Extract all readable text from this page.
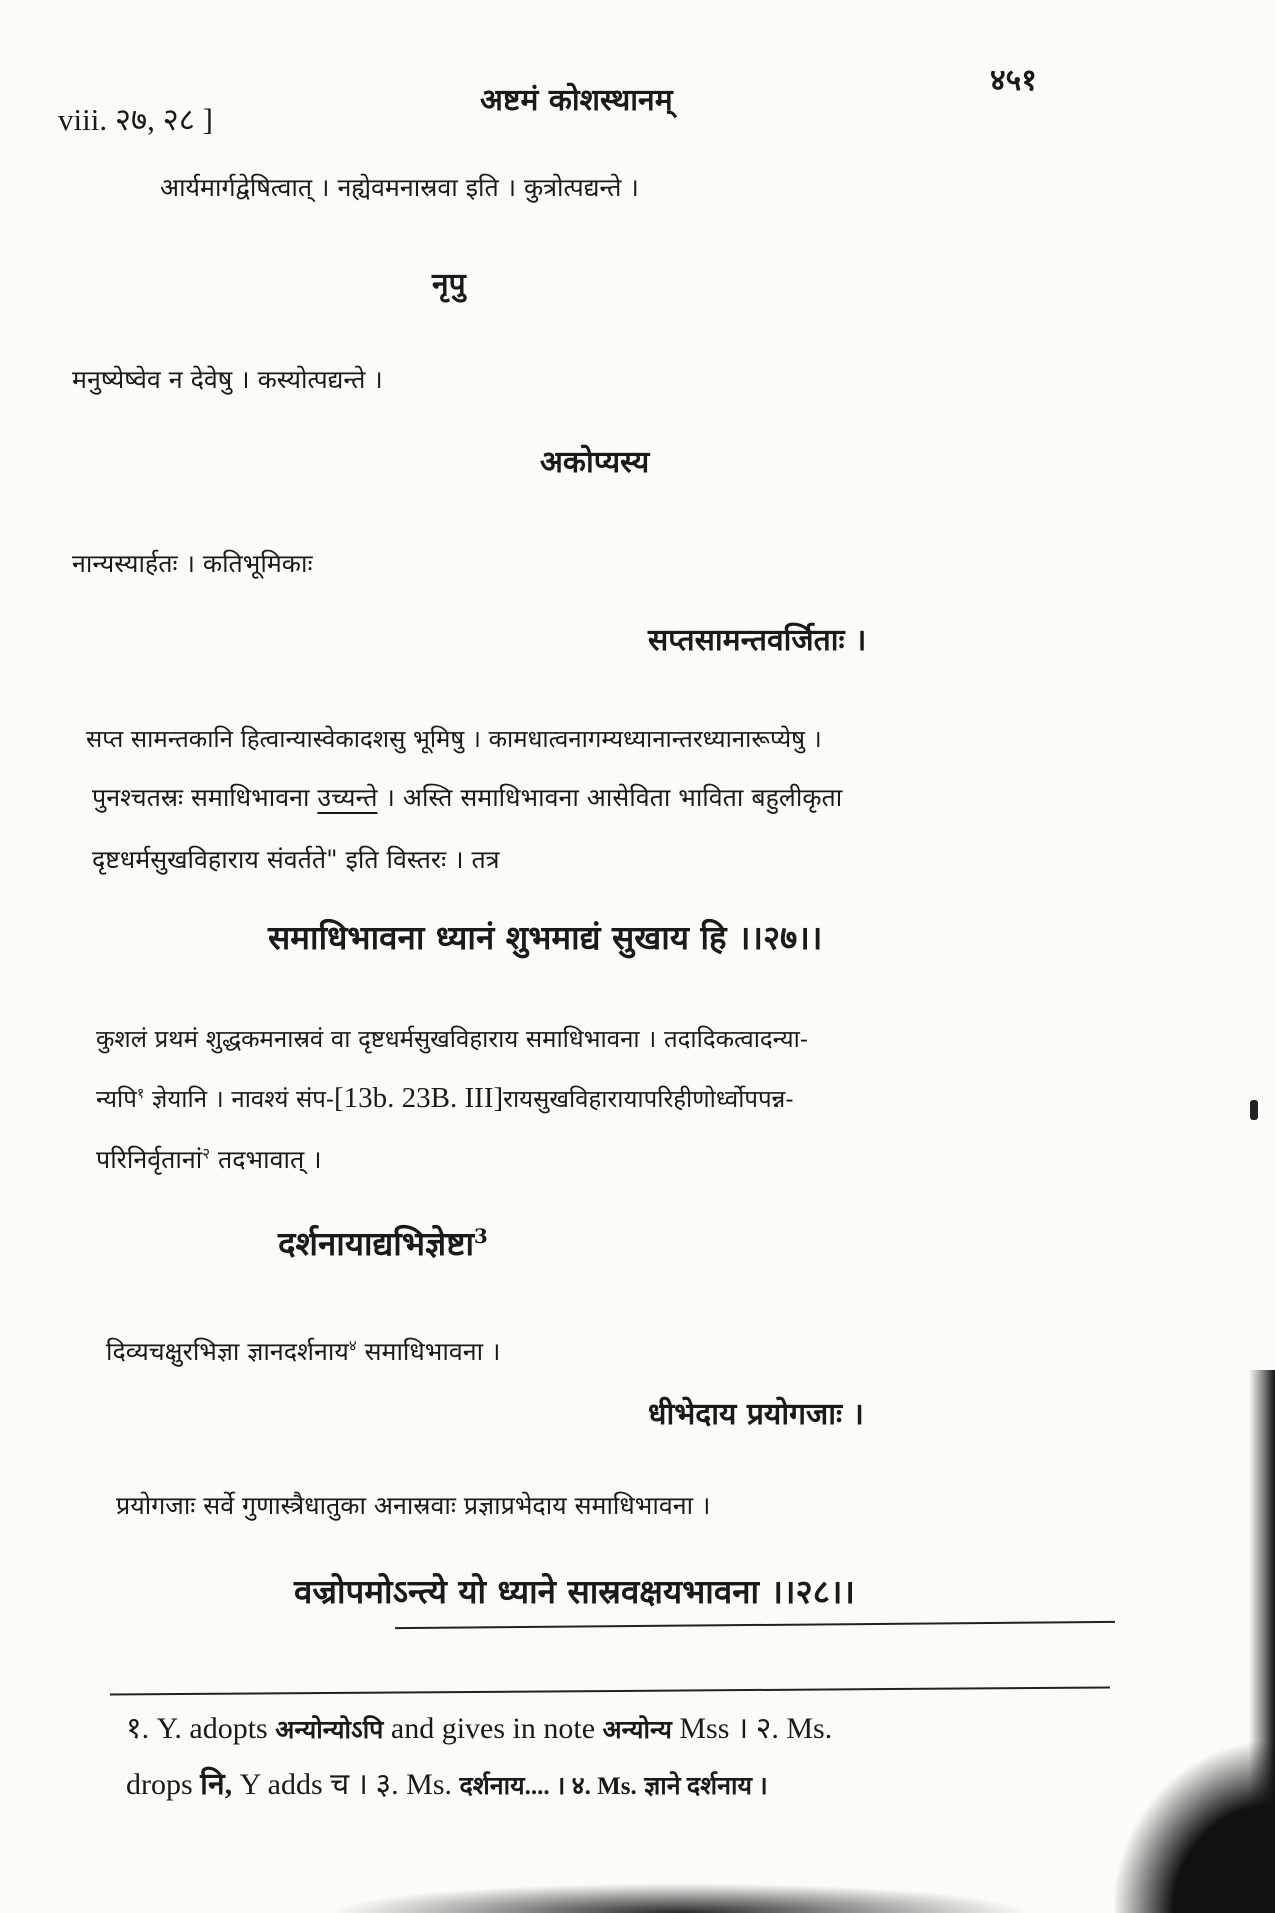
viii. २७, २८ ]
अष्टमं कोशस्थानम्
४५१
आर्यमार्गद्वेषित्वात् । नह्येवमनास्रवा इति । कुत्रोत्पद्यन्ते ।
नृपु
मनुष्येष्वेव न देवेषु । कस्योत्पद्यन्ते ।
अकोप्यस्य
नान्यस्यार्हतः । कतिभूमिकाः
सप्तसामन्तवर्जिताः ।
सप्त सामन्तकानि हित्वान्यास्वेकादशसु भूमिषु । कामधात्वनागम्यध्यानान्तरध्यानारूप्येषु ।
पुनश्चतस्रः समाधिभावना उच्यन्ते । अस्ति समाधिभावना आसेविता भाविता बहुलीकृता
दृष्टधर्मसुखविहाराय संवर्तते" इति विस्तरः । तत्र
समाधिभावना ध्यानं शुभमाद्यं सुखाय हि ।।२७।।
कुशलं प्रथमं शुद्धकमनास्रवं वा दृष्टधर्मसुखविहाराय समाधिभावना । तदादिकत्वादन्या-
न्यपि$^१$ ज्ञेयानि । नावश्यं संप-[13b. 23B. III]रायसुखविहारायापरिहीणोर्ध्वोपपन्न-
परिनिर्वृतानां$^२$ तदभावात् ।
दर्शनायाद्यभिज्ञेष्टा$^3$
दिव्यचक्षुरभिज्ञा ज्ञानदर्शनाय$^४$ समाधिभावना ।
धीभेदाय प्रयोगजाः ।
प्रयोगजाः सर्वे गुणास्त्रैधातुका अनास्रवाः प्रज्ञाप्रभेदाय समाधिभावना ।
वज्रोपमोऽन्त्ये यो ध्याने सास्रवक्षयभावना ।।२८।।
१. Y. adopts अन्योन्योऽपि and gives in note अन्योन्य Mss । २. Ms.
drops नि, Y adds च । ३. Ms. दर्शनाय.... । ४. Ms. ज्ञाने दर्शनाय ।
